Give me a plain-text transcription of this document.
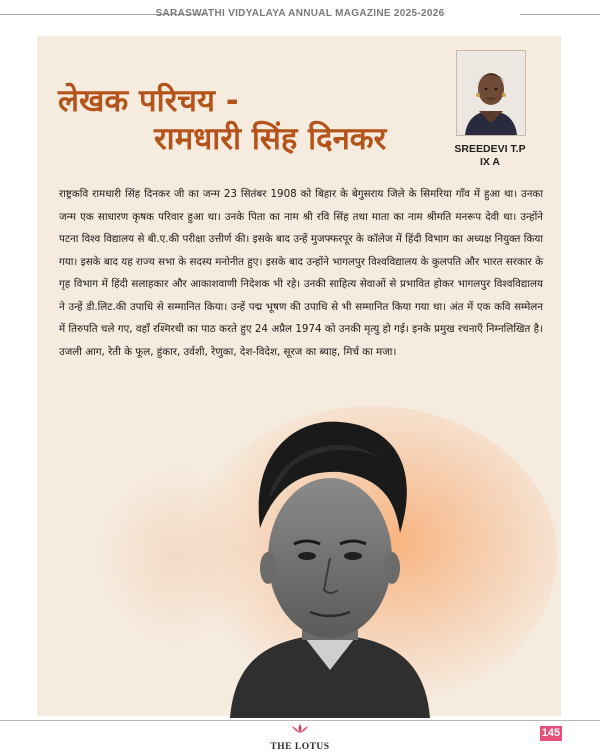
SARASWATHI VIDYALAYA ANNUAL MAGAZINE 2025-2026
लेखक परिचय -
रामधारी सिंह दिनकर	SREEDEVI T.P
IX A
राष्ट्रकवि रामधारी सिंह दिनकर जी का जन्म 23 सितंबर 1908 को बिहार के बेगुसराय जिले के सिमरिया गाँव में हुआ था। उनका जन्म एक साधारण कृषक परिवार हुआ था। उनके पिता का नाम श्री रवि सिंह तथा माता का नाम श्रीमति मनरूप देवी था। उन्होंने पटना विश्व विद्यालय से बी.ए.की परीक्षा उत्तीर्ण की। इसके बाद उन्हें मुजफ्फरपूर के कॉलेज में हिंदी विभाग का अध्यक्ष नियुक्त किया गया। इसके बाद यह राज्य सभा के सदस्य मनोनीत हुए। इसके बाद उन्होंने भागलपुर विश्वविद्यालय के कुलपति और भारत सरकार के गृह विभाग में हिंदी सलाहकार और आकाशवाणी निदेशक भी रहे। उनकी साहित्य सेवाओं से प्रभावित होकर भागलपुर विश्वविद्यालय ने उन्हें डी.लिट.की उपाधि से सम्मानित किया। उन्हें पद्म भूषण की उपाधि से भी सम्मानित किया गया था। अंत में एक कवि सम्मेलन में तिरुपति चले गए, वहाँ रश्मिरथी का पाठ करते हुए 24 अप्रैल 1974 को उनकी मृत्यु हो गई। इनके प्रमुख रचनाएँ निम्नलिखित है। उजली आग, रेती के फूल, हुंकार, उर्वशी, रेणुका, देश-विदेश, सूरज का ब्याह, मिर्च का मजा।
THE LOTUS
145
